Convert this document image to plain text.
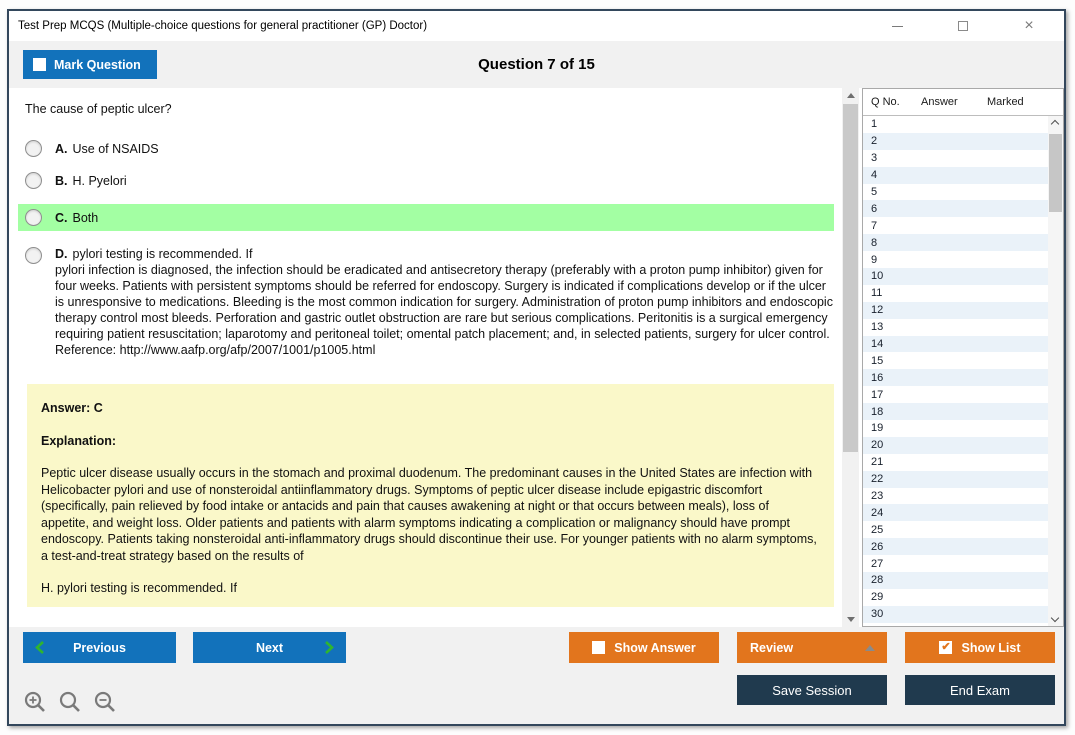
Test Prep MCQS (Multiple-choice questions for general practitioner (GP) Doctor)	×
Mark Question	Question 7 of 15
The cause of peptic ulcer?
A. Use of NSAIDS
B. H. Pyelori
C. Both
D. pylori testing is recommended. If
pylori infection is diagnosed, the infection should be eradicated and antisecretory therapy (preferably with a proton pump inhibitor) given for four weeks. Patients with persistent symptoms should be referred for endoscopy. Surgery is indicated if complications develop or if the ulcer is unresponsive to medications. Bleeding is the most common indication for surgery. Administration of proton pump inhibitors and endoscopic therapy control most bleeds. Perforation and gastric outlet obstruction are rare but serious complications. Peritonitis is a surgical emergency requiring patient resuscitation; laparotomy and peritoneal toilet; omental patch placement; and, in selected patients, surgery for ulcer control.
Reference: http://www.aafp.org/afp/2007/1001/p1005.html
Answer: C
Explanation:
Peptic ulcer disease usually occurs in the stomach and proximal duodenum. The predominant causes in the United States are infection with Helicobacter pylori and use of nonsteroidal antiinflammatory drugs. Symptoms of peptic ulcer disease include epigastric discomfort (specifically, pain relieved by food intake or antacids and pain that causes awakening at night or that occurs between meals), loss of appetite, and weight loss. Older patients and patients with alarm symptoms indicating a complication or malignancy should have prompt endoscopy. Patients taking nonsteroidal anti-inflammatory drugs should discontinue their use. For younger patients with no alarm symptoms, a test-and-treat strategy based on the results of
H. pylori testing is recommended. If
Q No.	Answer	Marked
1
2
3
4
5
6
7
8
9
10
11
12
13
14
15
16
17
18
19
20
21
22
23
24
25
26
27
28
29
30
Previous	Next	Show Answer	Review	✔ Show List
Save Session	End Exam
